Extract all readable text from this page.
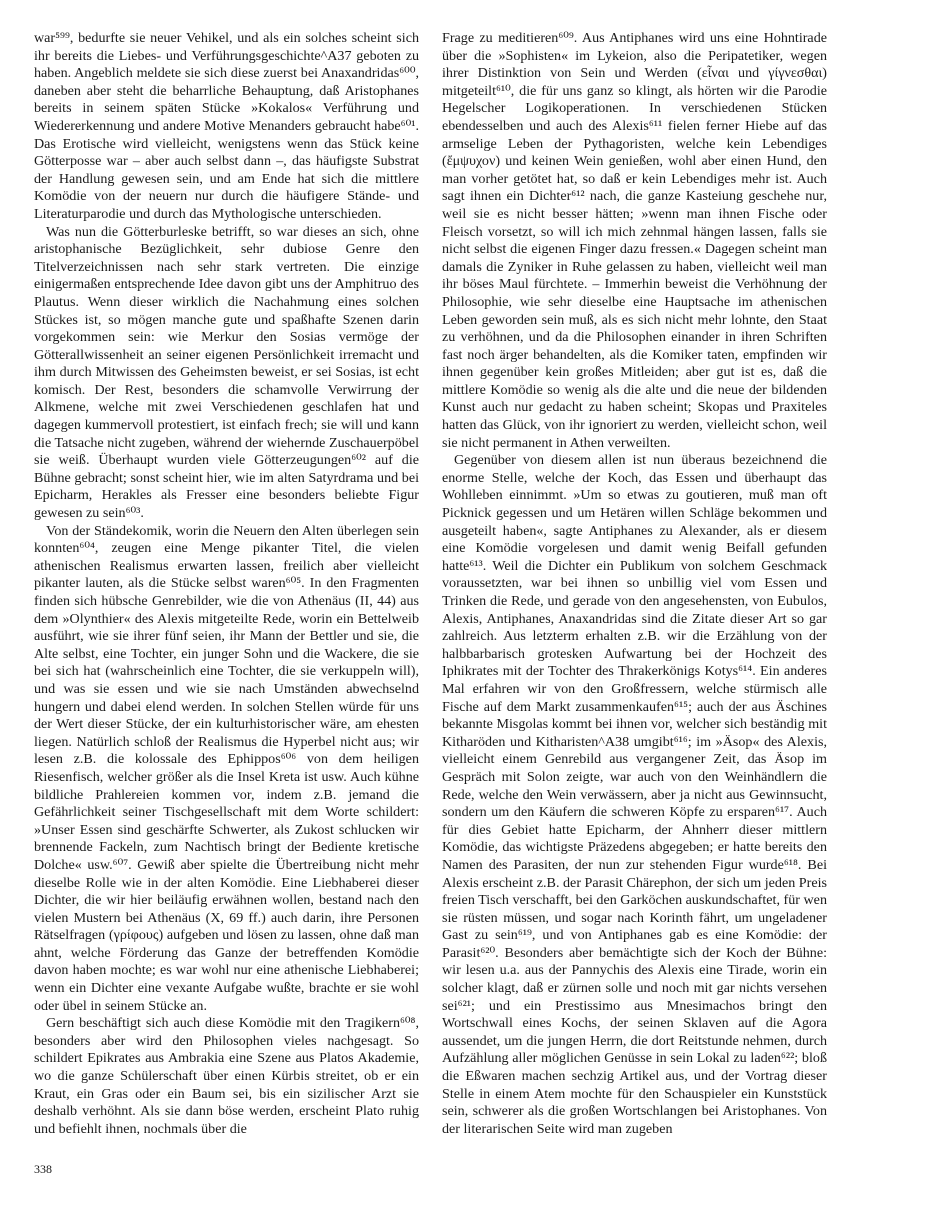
war⁵⁹⁹, bedurfte sie neuer Vehikel, und als ein solches scheint sich ihr bereits die Liebes- und Verführungsgeschichte^A37 geboten zu haben. Angeblich meldete sie sich diese zuerst bei Anaxandridas⁶⁰⁰, daneben aber steht die beharrliche Behauptung, daß Aristophanes bereits in seinem späten Stücke »Kokalos« Verführung und Wiedererkennung und andere Motive Menanders gebraucht habe⁶⁰¹. Das Erotische wird vielleicht, wenigstens wenn das Stück keine Götterposse war – aber auch selbst dann –, das häufigste Substrat der Handlung gewesen sein, und am Ende hat sich die mittlere Komödie von der neuern nur durch die häufigere Stände- und Literaturparodie und durch das Mythologische unterschieden.

Was nun die Götterburleske betrifft, so war dieses an sich, ohne aristophanische Bezüglichkeit, sehr dubiose Genre den Titelverzeichnissen nach sehr stark vertreten. Die einzige einigermaßen entsprechende Idee davon gibt uns der Amphitruo des Plautus. Wenn dieser wirklich die Nachahmung eines solchen Stückes ist, so mögen manche gute und spaßhafte Szenen darin vorgekommen sein: wie Merkur den Sosias vermöge der Götterallwissenheit an seiner eigenen Persönlichkeit irremacht und ihm durch Mitwissen des Geheimsten beweist, er sei Sosias, ist echt komisch. Der Rest, besonders die schamvolle Verwirrung der Alkmene, welche mit zwei Verschiedenen geschlafen hat und dagegen kummervoll protestiert, ist einfach frech; sie will und kann die Tatsache nicht zugeben, während der wiehernde Zuschauerpöbel sie weiß. Überhaupt wurden viele Götterzeugungen⁶⁰² auf die Bühne gebracht; sonst scheint hier, wie im alten Satyrdrama und bei Epicharm, Herakles als Fresser eine besonders beliebte Figur gewesen zu sein⁶⁰³.

Von der Ständekomik, worin die Neuern den Alten überlegen sein konnten⁶⁰⁴, zeugen eine Menge pikanter Titel, die vielen athenischen Realismus erwarten lassen, freilich aber vielleicht pikanter lauten, als die Stücke selbst waren⁶⁰⁵. In den Fragmenten finden sich hübsche Genrebilder, wie die von Athenäus (II, 44) aus dem »Olynthier« des Alexis mitgeteilte Rede, worin ein Bettelweib ausführt, wie sie ihrer fünf seien, ihr Mann der Bettler und sie, die Alte selbst, eine Tochter, ein junger Sohn und die Wackere, die sie bei sich hat (wahrscheinlich eine Tochter, die sie verkuppeln will), und was sie essen und wie sie nach Umständen abwechselnd hungern und dabei elend werden. In solchen Stellen würde für uns der Wert dieser Stücke, der ein kulturhistorischer wäre, am ehesten liegen. Natürlich schloß der Realismus die Hyperbel nicht aus; wir lesen z.B. die kolossale des Ephippos⁶⁰⁶ von dem heiligen Riesenfisch, welcher größer als die Insel Kreta ist usw. Auch kühne bildliche Prahlereien kommen vor, indem z.B. jemand die Gefährlichkeit seiner Tischgesellschaft mit dem Worte schildert: »Unser Essen sind geschärfte Schwerter, als Zukost schlucken wir brennende Fackeln, zum Nachtisch bringt der Bediente kretische Dolche« usw.⁶⁰⁷. Gewiß aber spielte die Übertreibung nicht mehr dieselbe Rolle wie in der alten Komödie. Eine Liebhaberei dieser Dichter, die wir hier beiläufig erwähnen wollen, bestand nach den vielen Mustern bei Athenäus (X, 69 ff.) auch darin, ihre Personen Rätselfragen (γρίφους) aufgeben und lösen zu lassen, ohne daß man ahnt, welche Förderung das Ganze der betreffenden Komödie davon haben mochte; es war wohl nur eine athenische Liebhaberei; wenn ein Dichter eine vexante Aufgabe wußte, brachte er sie wohl oder übel in seinem Stücke an.

Gern beschäftigt sich auch diese Komödie mit den Tragikern⁶⁰⁸, besonders aber wird den Philosophen vieles nachgesagt. So schildert Epikrates aus Ambrakia eine Szene aus Platos Akademie, wo die ganze Schülerschaft über einen Kürbis streitet, ob er ein Kraut, ein Gras oder ein Baum sei, bis ein sizilischer Arzt sie deshalb verhöhnt. Als sie dann böse werden, erscheint Plato ruhig und befiehlt ihnen, nochmals über die

Frage zu meditieren⁶⁰⁹. Aus Antiphanes wird uns eine Hohntirade über die »Sophisten« im Lykeion, also die Peripatetiker, wegen ihrer Distinktion von Sein und Werden (εἶναι und γίγνεσθαι) mitgeteilt⁶¹⁰, die für uns ganz so klingt, als hörten wir die Parodie Hegelscher Logikoperationen. In verschiedenen Stücken ebendesselben und auch des Alexis⁶¹¹ fielen ferner Hiebe auf das armselige Leben der Pythagoristen, welche kein Lebendiges (ἔμψυχον) und keinen Wein genießen, wohl aber einen Hund, den man vorher getötet hat, so daß er kein Lebendiges mehr ist. Auch sagt ihnen ein Dichter⁶¹² nach, die ganze Kasteiung geschehe nur, weil sie es nicht besser hätten; »wenn man ihnen Fische oder Fleisch vorsetzt, so will ich mich zehnmal hängen lassen, falls sie nicht selbst die eigenen Finger dazu fressen.« Dagegen scheint man damals die Zyniker in Ruhe gelassen zu haben, vielleicht weil man ihr böses Maul fürchtete. – Immerhin beweist die Verhöhnung der Philosophie, wie sehr dieselbe eine Hauptsache im athenischen Leben geworden sein muß, als es sich nicht mehr lohnte, den Staat zu verhöhnen, und da die Philosophen einander in ihren Schriften fast noch ärger behandelten, als die Komiker taten, empfinden wir ihnen gegenüber kein großes Mitleiden; aber gut ist es, daß die mittlere Komödie so wenig als die alte und die neue der bildenden Kunst auch nur gedacht zu haben scheint; Skopas und Praxiteles hatten das Glück, von ihr ignoriert zu werden, vielleicht schon, weil sie nicht permanent in Athen verweilten.

Gegenüber von diesem allen ist nun überaus bezeichnend die enorme Stelle, welche der Koch, das Essen und überhaupt das Wohlleben einnimmt. »Um so etwas zu goutieren, muß man oft Picknick gegessen und um Hetären willen Schläge bekommen und ausgeteilt haben«, sagte Antiphanes zu Alexander, als er diesem eine Komödie vorgelesen und damit wenig Beifall gefunden hatte⁶¹³. Weil die Dichter ein Publikum von solchem Geschmack voraussetzten, war bei ihnen so unbillig viel vom Essen und Trinken die Rede, und gerade von den angesehensten, von Eubulos, Alexis, Antiphanes, Anaxandridas sind die Zitate dieser Art so gar zahlreich. Aus letzterm erhalten z.B. wir die Erzählung von der halbbarbarisch grotesken Aufwartung bei der Hochzeit des Iphikrates mit der Tochter des Thrakerkönigs Kotys⁶¹⁴. Ein anderes Mal erfahren wir von den Großfressern, welche stürmisch alle Fische auf dem Markt zusammenkaufen⁶¹⁵; auch der aus Äschines bekannte Misgolas kommt bei ihnen vor, welcher sich beständig mit Kitharöden und Kitharisten^A38 umgibt⁶¹⁶; im »Äsop« des Alexis, vielleicht einem Genrebild aus vergangener Zeit, das Äsop im Gespräch mit Solon zeigte, war auch von den Weinhändlern die Rede, welche den Wein verwässern, aber ja nicht aus Gewinnsucht, sondern um den Käufern die schweren Köpfe zu ersparen⁶¹⁷. Auch für dies Gebiet hatte Epicharm, der Ahnherr dieser mittlern Komödie, das wichtigste Präzedens abgegeben; er hatte bereits den Namen des Parasiten, der nun zur stehenden Figur wurde⁶¹⁸. Bei Alexis erscheint z.B. der Parasit Chärephon, der sich um jeden Preis freien Tisch verschafft, bei den Garköchen auskundschaftet, für wen sie rüsten müssen, und sogar nach Korinth fährt, um ungeladener Gast zu sein⁶¹⁹, und von Antiphanes gab es eine Komödie: der Parasit⁶²⁰. Besonders aber bemächtigte sich der Koch der Bühne: wir lesen u.a. aus der Pannychis des Alexis eine Tirade, worin ein solcher klagt, daß er zürnen solle und noch mit gar nichts versehen sei⁶²¹; und ein Prestissimo aus Mnesimachos bringt den Wortschwall eines Kochs, der seinen Sklaven auf die Agora aussendet, um die jungen Herrn, die dort Reitstunde nehmen, durch Aufzählung aller möglichen Genüsse in sein Lokal zu laden⁶²²; bloß die Eßwaren machen sechzig Artikel aus, und der Vortrag dieser Stelle in einem Atem mochte für den Schauspieler ein Kunststück sein, schwerer als die großen Wortschlangen bei Aristophanes. Von der literarischen Seite wird man zugeben

338
